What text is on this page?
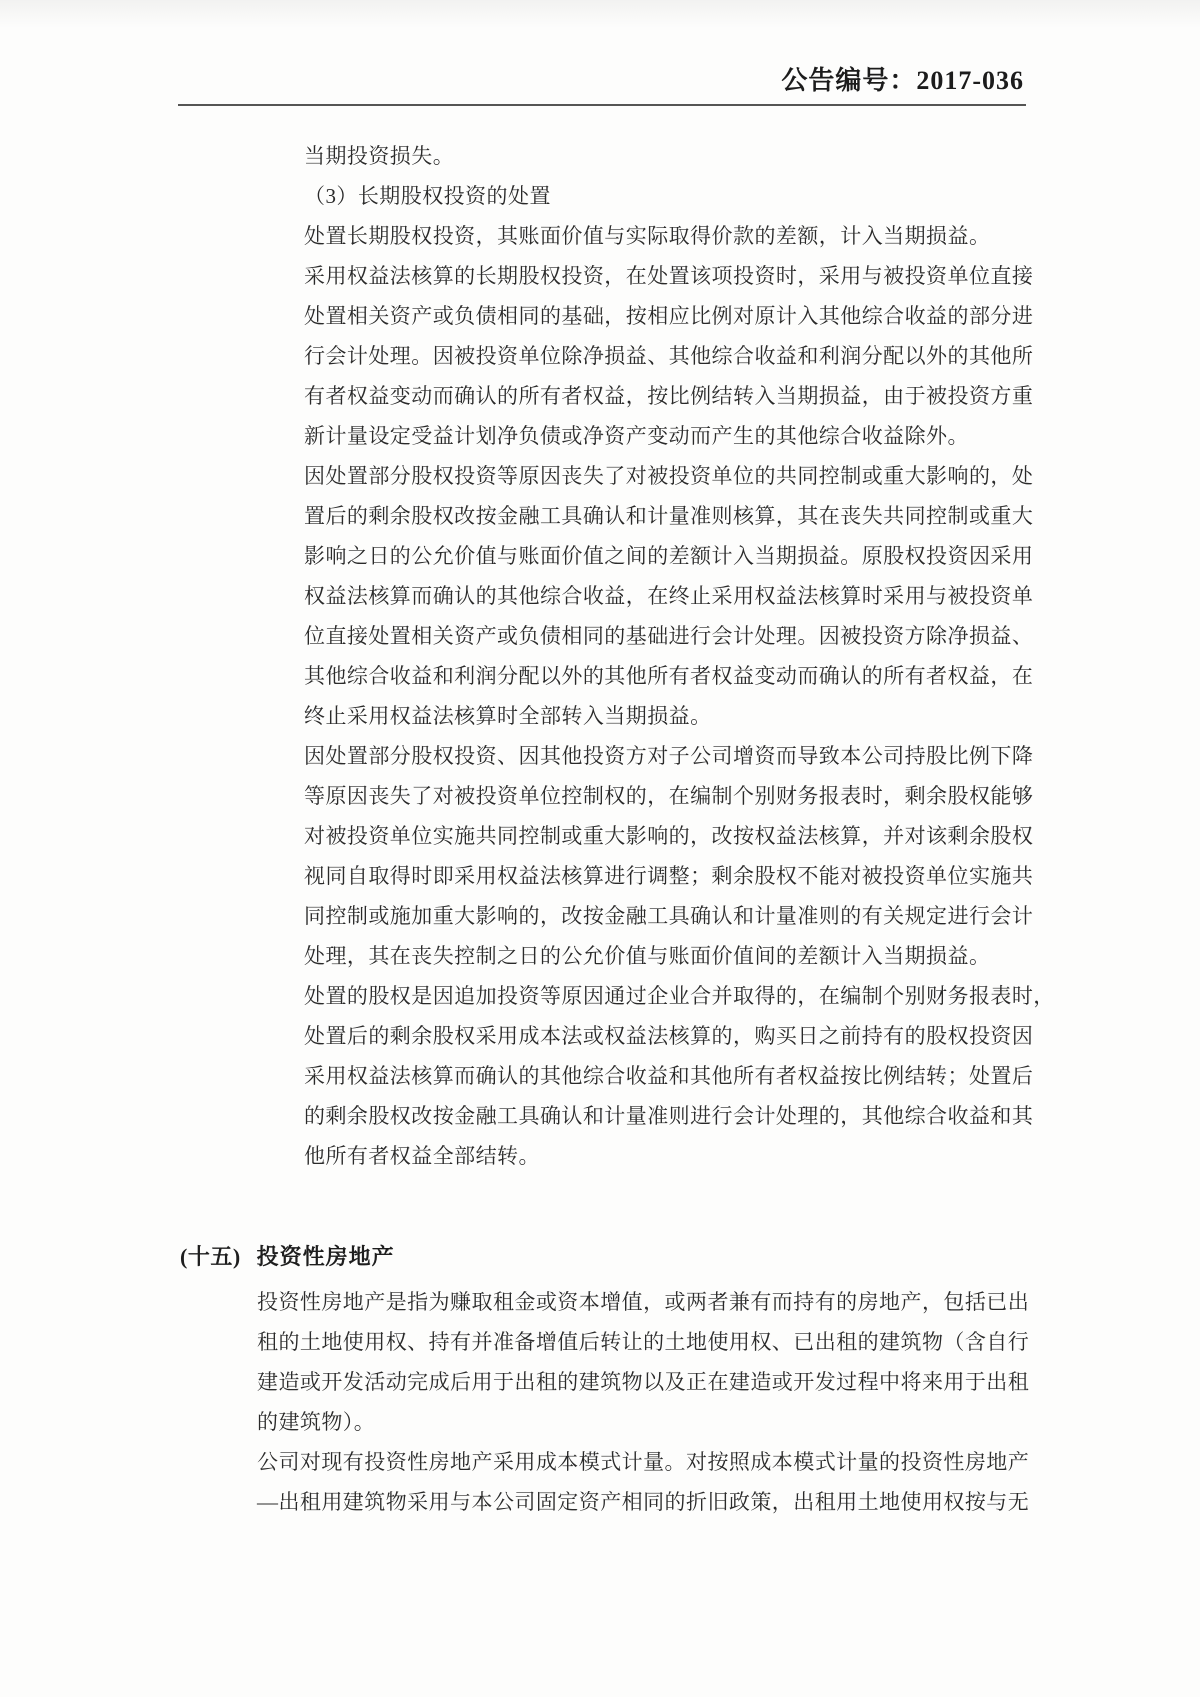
公告编号：2017-036
当期投资损失。
（3）长期股权投资的处置
处置长期股权投资，其账面价值与实际取得价款的差额，计入当期损益。
采用权益法核算的长期股权投资，在处置该项投资时，采用与被投资单位直接
处置相关资产或负债相同的基础，按相应比例对原计入其他综合收益的部分进
行会计处理。因被投资单位除净损益、其他综合收益和利润分配以外的其他所
有者权益变动而确认的所有者权益，按比例结转入当期损益，由于被投资方重
新计量设定受益计划净负债或净资产变动而产生的其他综合收益除外。
因处置部分股权投资等原因丧失了对被投资单位的共同控制或重大影响的，处
置后的剩余股权改按金融工具确认和计量准则核算，其在丧失共同控制或重大
影响之日的公允价值与账面价值之间的差额计入当期损益。原股权投资因采用
权益法核算而确认的其他综合收益，在终止采用权益法核算时采用与被投资单
位直接处置相关资产或负债相同的基础进行会计处理。因被投资方除净损益、
其他综合收益和利润分配以外的其他所有者权益变动而确认的所有者权益，在
终止采用权益法核算时全部转入当期损益。
因处置部分股权投资、因其他投资方对子公司增资而导致本公司持股比例下降
等原因丧失了对被投资单位控制权的，在编制个别财务报表时，剩余股权能够
对被投资单位实施共同控制或重大影响的，改按权益法核算，并对该剩余股权
视同自取得时即采用权益法核算进行调整；剩余股权不能对被投资单位实施共
同控制或施加重大影响的，改按金融工具确认和计量准则的有关规定进行会计
处理，其在丧失控制之日的公允价值与账面价值间的差额计入当期损益。
处置的股权是因追加投资等原因通过企业合并取得的，在编制个别财务报表时，
处置后的剩余股权采用成本法或权益法核算的，购买日之前持有的股权投资因
采用权益法核算而确认的其他综合收益和其他所有者权益按比例结转；处置后
的剩余股权改按金融工具确认和计量准则进行会计处理的，其他综合收益和其
他所有者权益全部结转。
(十五) 投资性房地产
投资性房地产是指为赚取租金或资本增值，或两者兼有而持有的房地产，包括已出
租的土地使用权、持有并准备增值后转让的土地使用权、已出租的建筑物（含自行
建造或开发活动完成后用于出租的建筑物以及正在建造或开发过程中将来用于出租
的建筑物）。
公司对现有投资性房地产采用成本模式计量。对按照成本模式计量的投资性房地产
—出租用建筑物采用与本公司固定资产相同的折旧政策，出租用土地使用权按与无
